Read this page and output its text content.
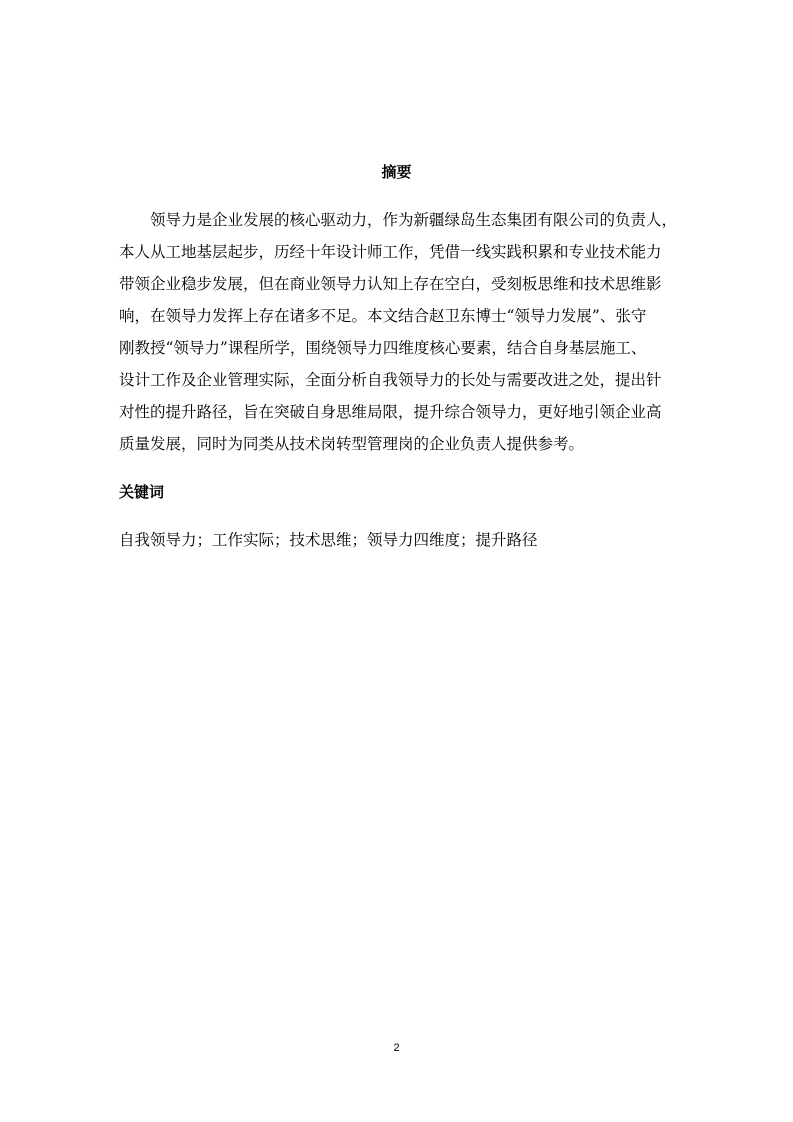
摘要
领导力是企业发展的核心驱动力，作为新疆绿岛生态集团有限公司的负责人，
本人从工地基层起步，历经十年设计师工作，凭借一线实践积累和专业技术能力
带领企业稳步发展，但在商业领导力认知上存在空白，受刻板思维和技术思维影
响，在领导力发挥上存在诸多不足。本文结合赵卫东博士“领导力发展”、张守
刚教授“领导力”课程所学，围绕领导力四维度核心要素，结合自身基层施工、
设计工作及企业管理实际，全面分析自我领导力的长处与需要改进之处，提出针
对性的提升路径，旨在突破自身思维局限，提升综合领导力，更好地引领企业高
质量发展，同时为同类从技术岗转型管理岗的企业负责人提供参考。
关键词
自我领导力；工作实际；技术思维；领导力四维度；提升路径
2
